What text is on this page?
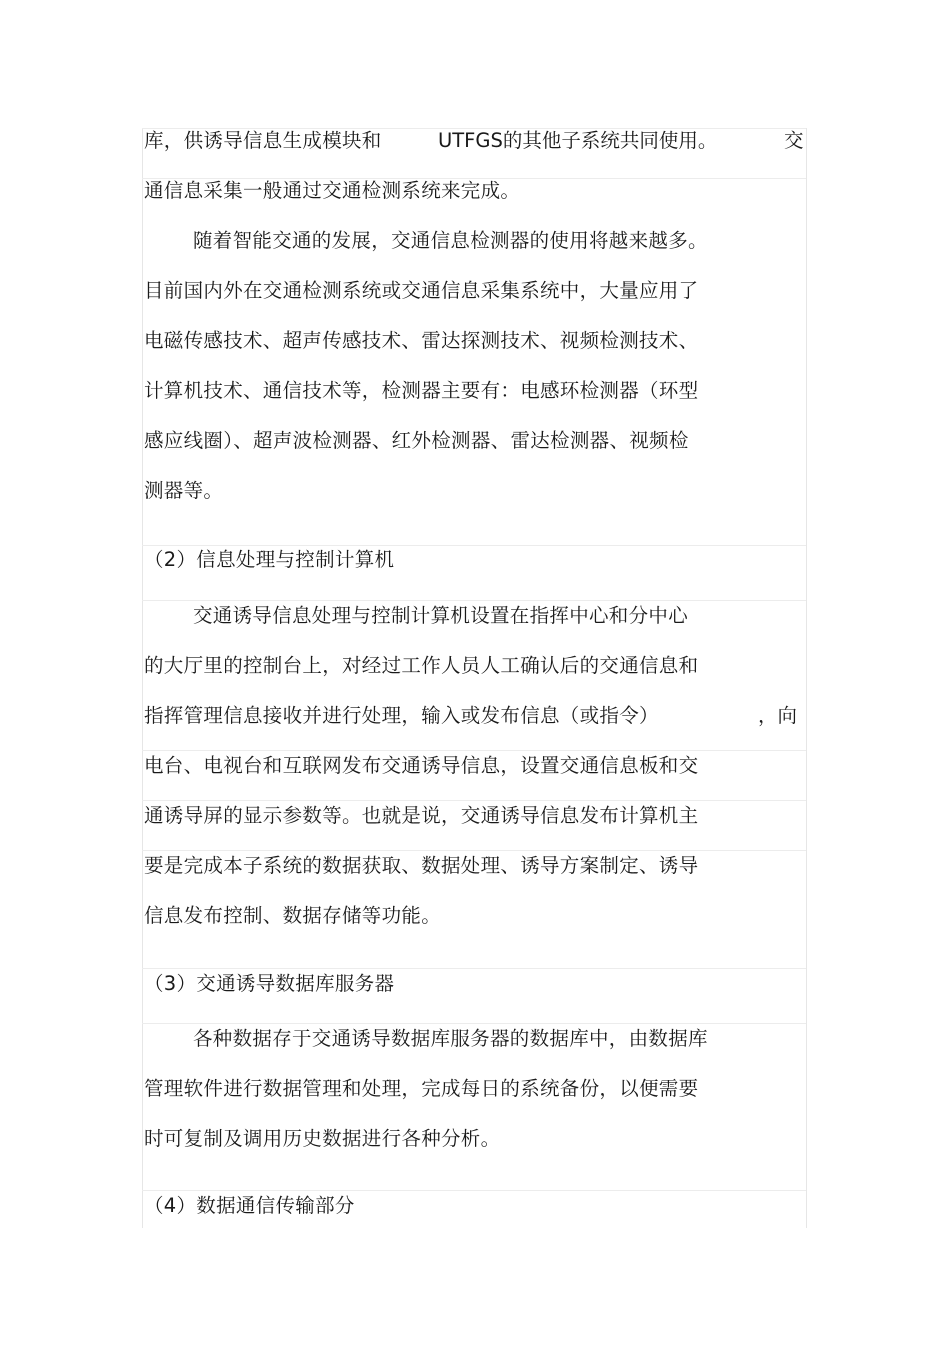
库，供诱导信息生成模块和	UTFGS的其他子系统共同使用。	交
通信息采集一般通过交通检测系统来完成。
随着智能交通的发展，交通信息检测器的使用将越来越多。
目前国内外在交通检测系统或交通信息采集系统中，大量应用了
电磁传感技术、超声传感技术、雷达探测技术、视频检测技术、
计算机技术、通信技术等，检测器主要有：电感环检测器（环型
感应线圈）、超声波检测器、红外检测器、雷达检测器、视频检
测器等。
（2）信息处理与控制计算机
交通诱导信息处理与控制计算机设置在指挥中心和分中心
的大厅里的控制台上，对经过工作人员人工确认后的交通信息和
指挥管理信息接收并进行处理，输入或发布信息（或指令）	，向
电台、电视台和互联网发布交通诱导信息，设置交通信息板和交
通诱导屏的显示参数等。也就是说，交通诱导信息发布计算机主
要是完成本子系统的数据获取、数据处理、诱导方案制定、诱导
信息发布控制、数据存储等功能。
（3）交通诱导数据库服务器
各种数据存于交通诱导数据库服务器的数据库中，由数据库
管理软件进行数据管理和处理，完成每日的系统备份，以便需要
时可复制及调用历史数据进行各种分析。
（4）数据通信传输部分
